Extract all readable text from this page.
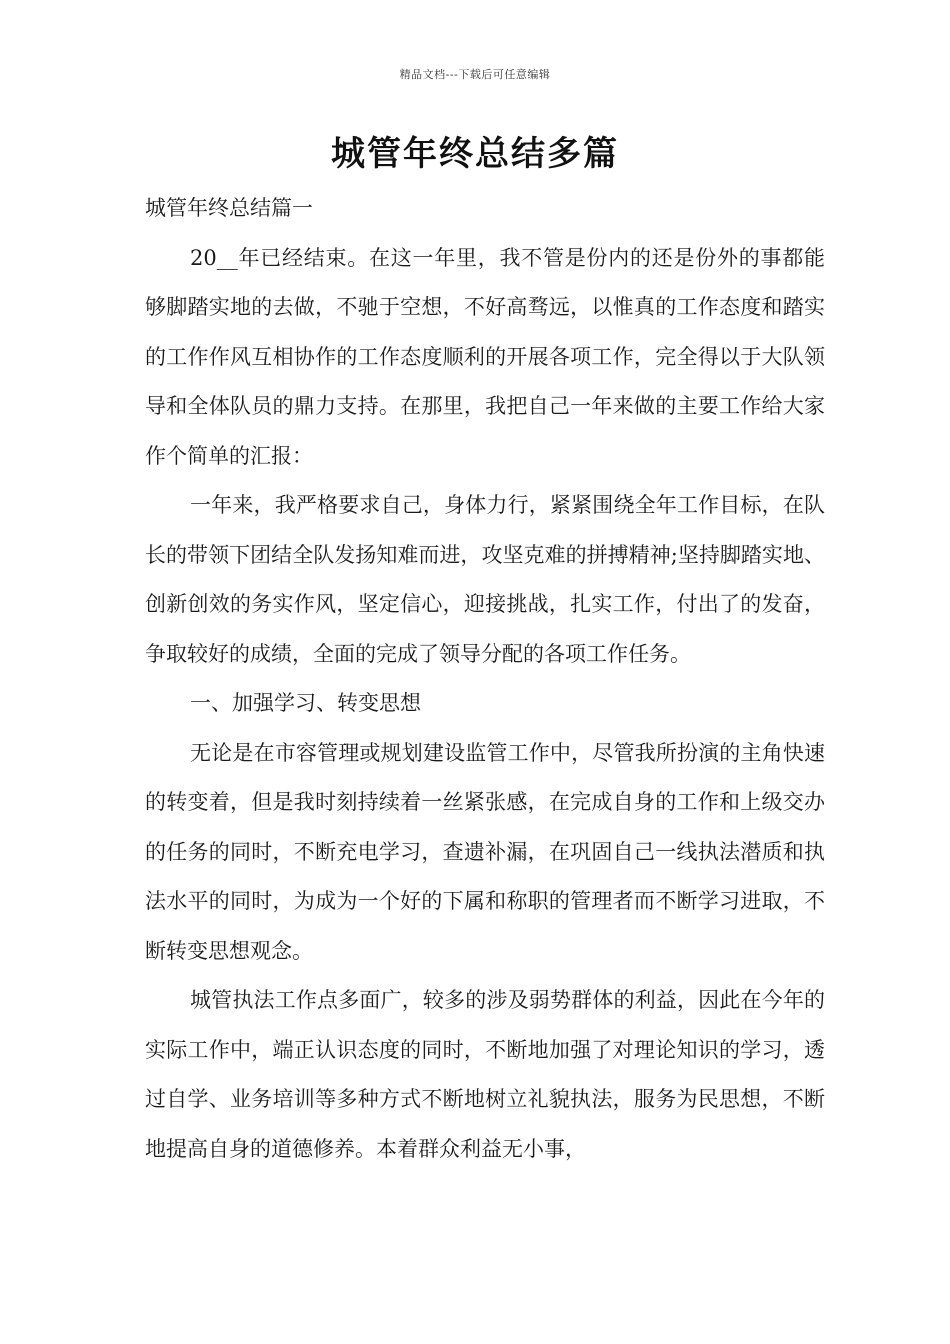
精品文档---下载后可任意编辑
城管年终总结多篇

城管年终总结篇一

20__年已经结束。在这一年里，我不管是份内的还是份外的事都能够脚踏实地的去做，不驰于空想，不好高骛远，以惟真的工作态度和踏实的工作作风互相协作的工作态度顺利的开展各项工作，完全得以于大队领导和全体队员的鼎力支持。在那里，我把自己一年来做的主要工作给大家作个简单的汇报：

一年来，我严格要求自己，身体力行，紧紧围绕全年工作目标，在队长的带领下团结全队发扬知难而进，攻坚克难的拼搏精神;坚持脚踏实地、创新创效的务实作风，坚定信心，迎接挑战，扎实工作，付出了的发奋，争取较好的成绩，全面的完成了领导分配的各项工作任务。

一、加强学习、转变思想

无论是在市容管理或规划建设监管工作中，尽管我所扮演的主角快速的转变着，但是我时刻持续着一丝紧张感，在完成自身的工作和上级交办的任务的同时，不断充电学习，查遗补漏，在巩固自己一线执法潜质和执法水平的同时，为成为一个好的下属和称职的管理者而不断学习进取，不断转变思想观念。

城管执法工作点多面广，较多的涉及弱势群体的利益，因此在今年的实际工作中，端正认识态度的同时，不断地加强了对理论知识的学习，透过自学、业务培训等多种方式不断地树立礼貌执法，服务为民思想，不断地提高自身的道德修养。本着群众利益无小事，
